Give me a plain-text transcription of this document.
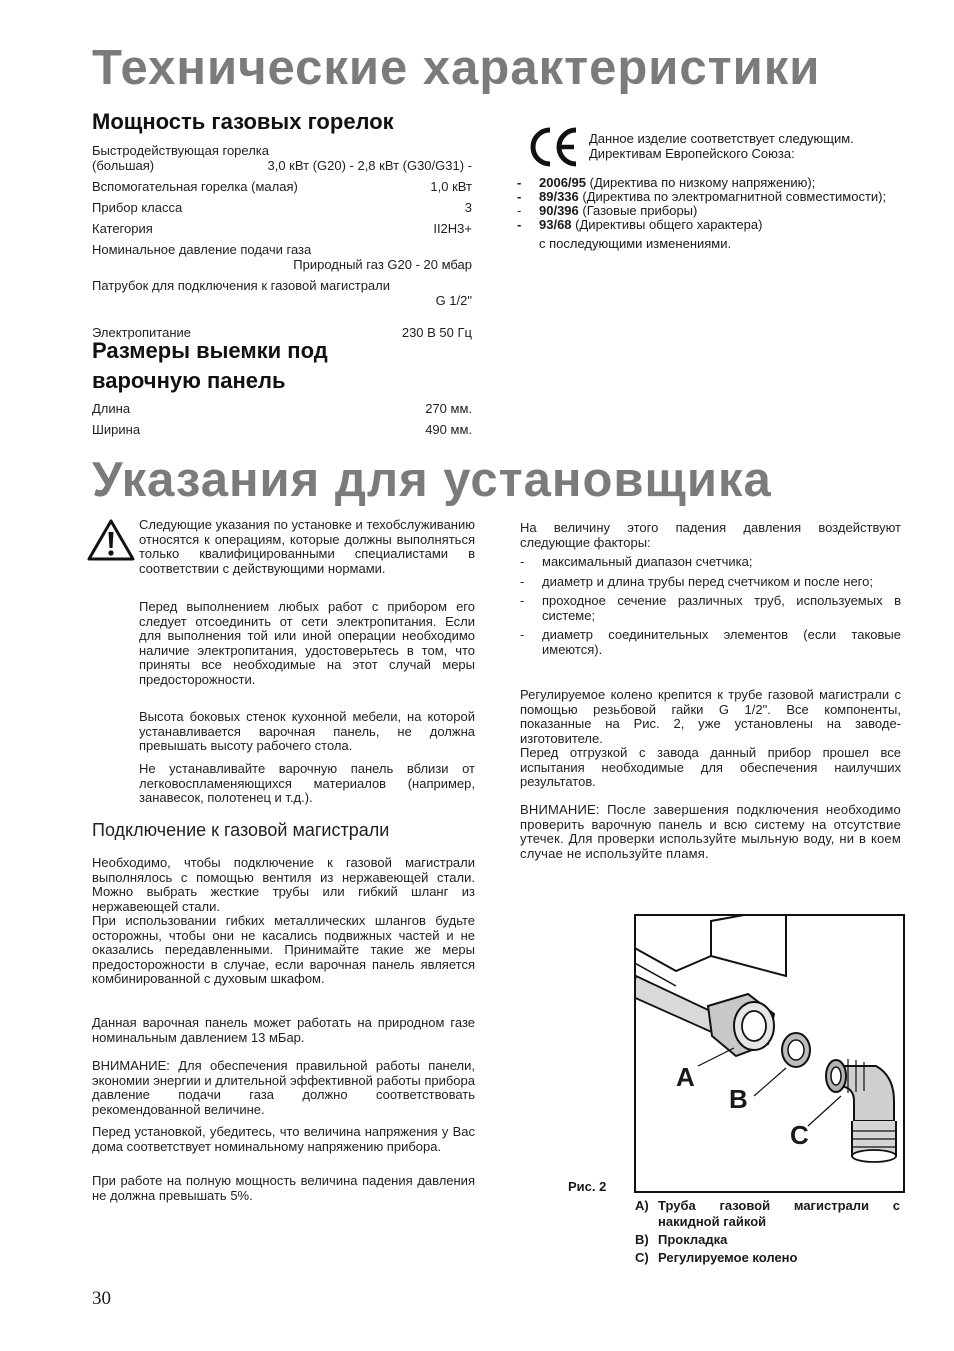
Технические характеристики
Мощность газовых горелок
Быстродействующая горелка
(большая)	3,0 кВт (G20) - 2,8 кВт (G30/G31) -
Вспомогательная горелка (малая)	1,0 кВт
Прибор класса	3
Категория	II2H3+
Номинальное давление подачи газа
Природный газ G20 - 20 мбар
Патрубок для подключения к газовой магистрали
G 1/2"
Электропитание	230 В 50 Гц
Размеры выемки под
варочную панель
Длина	270 мм.
Ширина	490 мм.
Данное изделие соответствует следующим. Директивам Европейского Союза:
-	2006/95 (Директива по низкому напряжению);
-	89/336 (Директива по электромагнитной совместимости);
-	90/396 (Газовые приборы)
-	93/68 (Директивы общего характера)
с последующими изменениями.
Указания для установщика
Следующие указания по установке и техобслуживанию относятся к операциям, которые должны выполняться только квалифицированными специалистами в соответствии с действующими нормами.
Перед выполнением любых работ с прибором его следует отсоединить от сети электропитания. Если для выполнения той или иной операции необходимо наличие электропитания, удостоверьтесь в том, что приняты все необходимые на этот случай меры предосторожности.
Высота боковых стенок кухонной мебели, на которой устанавливается варочная панель, не должна превышать высоту рабочего стола.
Не устанавливайте варочную панель вблизи от легковоспламеняющихся материалов (например, занавесок, полотенец и т.д.).
Подключение к газовой магистрали
Необходимо, чтобы подключение к газовой магистрали выполнялось с помощью вентиля из нержавеющей стали. Можно выбрать жесткие трубы или гибкий шланг из нержавеющей стали.
При использовании гибких металлических шлангов будьте осторожны, чтобы они не касались подвижных частей и не оказались передавленными. Принимайте такие же меры предосторожности в случае, если варочная панель является комбинированной с духовым шкафом.
Данная варочная панель может работать на природном газе номинальным давлением 13 мБар.
ВНИМАНИЕ: Для обеспечения правильной работы панели, экономии энергии и длительной эффективной работы прибора давление подачи газа должно соответствовать рекомендованной величине.
Перед установкой, убедитесь, что величина напряжения у Вас дома соответствует номинальному напряжению прибора.
При работе на полную мощность величина падения давления не должна превышать 5%.
На величину этого падения давления воздействуют следующие факторы:
-	максимальный диапазон счетчика;
-	диаметр и длина трубы перед счетчиком и после него;
-	проходное сечение различных труб, используемых в системе;
-	диаметр соединительных элементов (если таковые имеются).
Регулируемое колено крепится к трубе газовой магистрали с помощью резьбовой гайки G 1/2". Все компоненты, показанные на Рис. 2, уже установлены на заводе-изготовителе.
Перед отгрузкой с завода данный прибор прошел все испытания необходимые для обеспечения наилучших результатов.
ВНИМАНИЕ: После завершения подключения необходимо проверить варочную панель и всю систему на отсутствие утечек. Для проверки используйте мыльную воду, ни в коем случае не используйте пламя.
A
B
C
Рис. 2
A) Труба газовой магистрали с накидной гайкой
B) Прокладка
C) Регулируемое колено
30
